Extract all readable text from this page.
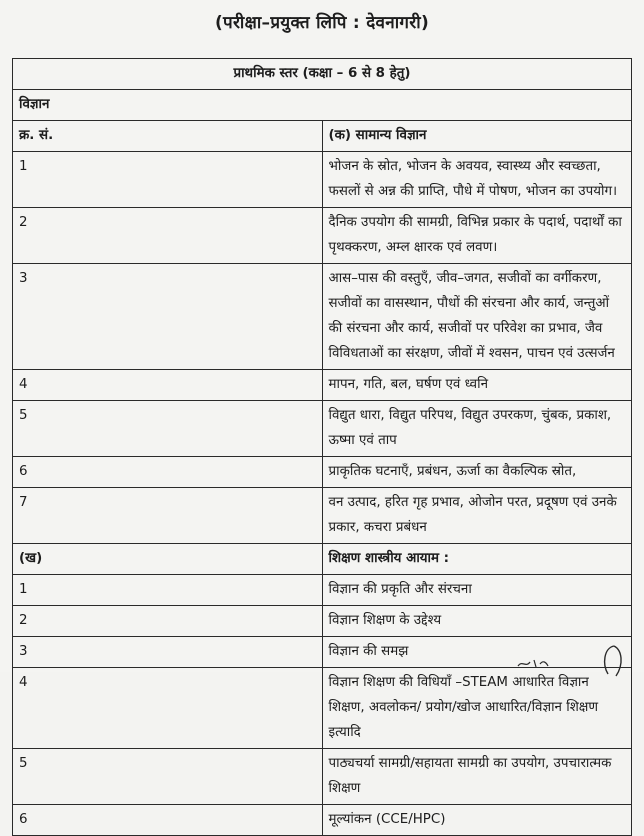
(परीक्षा–प्रयुक्त लिपि : देवनागरी)
प्राथमिक स्तर (कक्षा – 6 से 8 हेतु)	
विज्ञान	
क्र. सं.	(क) सामान्य विज्ञान
1	भोजन के स्रोत, भोजन के अवयव, स्वास्थ्य और स्वच्छता, फसलों से अन्न की प्राप्ति, पौधे में पोषण, भोजन का उपयोग।
2	दैनिक उपयोग की सामग्री, विभिन्न प्रकार के पदार्थ, पदार्थों का पृथक्करण, अम्ल क्षारक एवं लवण।
3	आस–पास की वस्तुएँ, जीव–जगत, सजीवों का वर्गीकरण, सजीवों का वासस्थान, पौधों की संरचना और कार्य, जन्तुओं की संरचना और कार्य, सजीवों पर परिवेश का प्रभाव, जैव विविधताओं का संरक्षण, जीवों में श्वसन, पाचन एवं उत्सर्जन
4	मापन, गति, बल, घर्षण एवं ध्वनि
5	विद्युत धारा, विद्युत परिपथ, विद्युत उपरकण, चुंबक, प्रकाश, ऊष्मा एवं ताप
6	प्राकृतिक घटनाएँ, प्रबंधन, ऊर्जा का वैकल्पिक स्रोत,
7	वन उत्पाद, हरित गृह प्रभाव, ओजोन परत, प्रदूषण एवं उनके प्रकार, कचरा प्रबंधन
(ख)	शिक्षण शास्त्रीय आयाम :
1	विज्ञान की प्रकृति और संरचना
2	विज्ञान शिक्षण के उद्देश्य
3	विज्ञान की समझ
4	विज्ञान शिक्षण की विधियाँ –STEAM आधारित विज्ञान शिक्षण, अवलोकन/ प्रयोग/खोज आधारित/विज्ञान शिक्षण इत्यादि
5	पाठ्यचर्या सामग्री/सहायता सामग्री का उपयोग, उपचारात्मक शिक्षण
6	मूल्यांकन (CCE/HPC)
